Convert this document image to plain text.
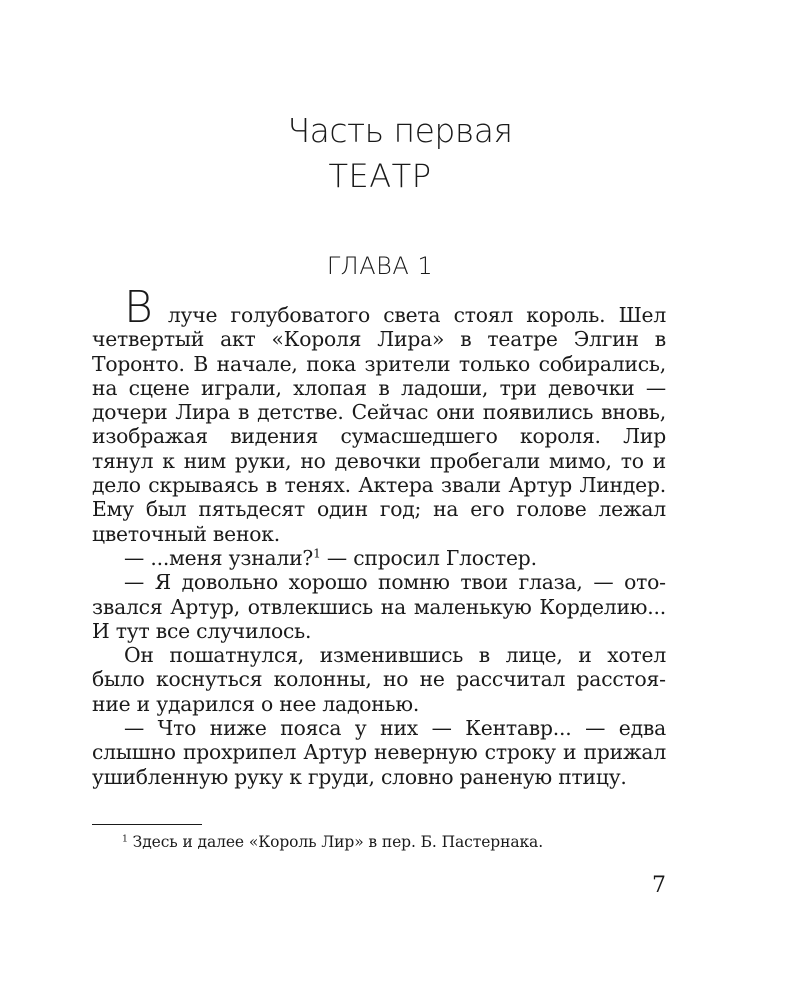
Часть первая
ТЕАТР
ГЛАВА 1

В луче голубоватого света стоял король. Шел четвертый акт «Короля Лира» в театре Элгин в Торонто. В начале, пока зрители только собирались, на сцене играли, хлопая в ладоши, три девочки — дочери Лира в детстве. Сейчас они появились вновь, изображая видения сумасшедшего короля. Лир тянул к ним руки, но девочки пробегали мимо, то и дело скрываясь в тенях. Актера звали Артур Линдер. Ему был пятьдесят один год; на его голове лежал цветочный венок.

— ...меня узнали?$^1$ — спросил Глостер.

— Я довольно хорошо помню твои глаза, — отозвался Артур, отвлекшись на маленькую Корделию... И тут все случилось.

Он пошатнулся, изменившись в лице, и хотел было коснуться колонны, но не рассчитал расстояние и ударился о нее ладонью.

— Что ниже пояса у них — Кентавр... — едва слышно прохрипел Артур неверную строку и прижал ушибленную руку к груди, словно раненую птицу.

$^1$ Здесь и далее «Король Лир» в пер. Б. Пастернака.
7
